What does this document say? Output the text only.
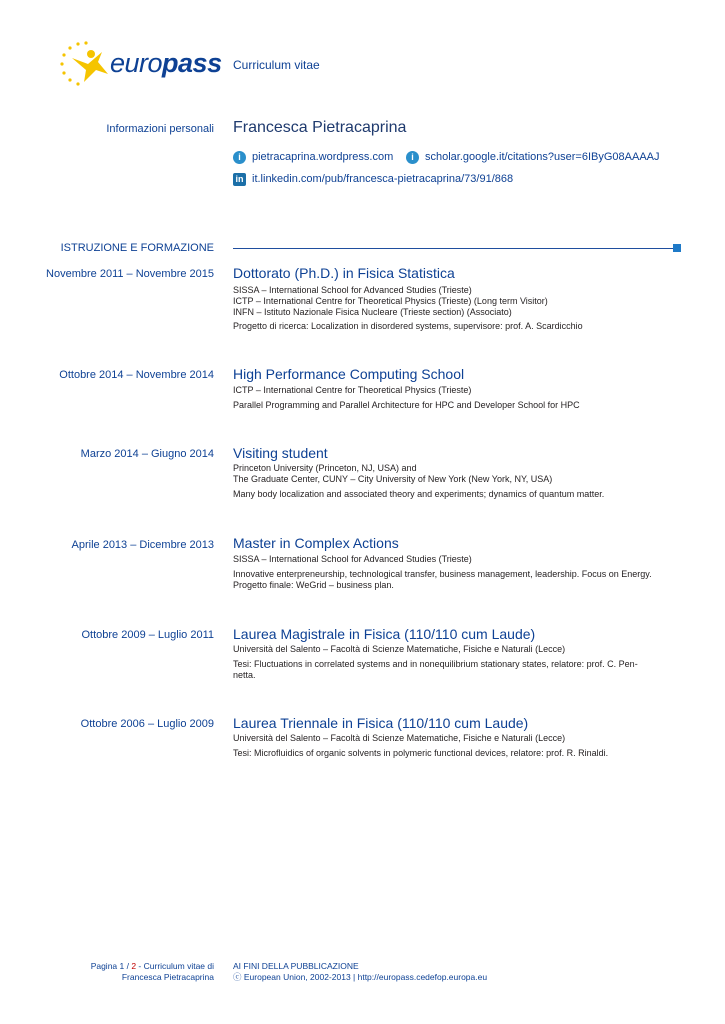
europass Curriculum vitae
Informazioni personali Francesca Pietracaprina
i	pietracaprina.wordpress.com	i	scholar.google.it/citations?user=6IByG08AAAAJ
in it.linkedin.com/pub/francesca-pietracaprina/73/91/868
ISTRUZIONE E FORMAZIONE
Novembre 2011 – Novembre 2015 Dottorato (Ph.D.) in Fisica Statistica
SISSA – International School for Advanced Studies (Trieste)
ICTP – International Centre for Theoretical Physics (Trieste) (Long term Visitor)
INFN – Istituto Nazionale Fisica Nucleare (Trieste section) (Associato)
Progetto di ricerca: Localization in disordered systems, supervisore: prof. A. Scardicchio
Ottobre 2014 – Novembre 2014 High Performance Computing School
ICTP – International Centre for Theoretical Physics (Trieste)
Parallel Programming and Parallel Architecture for HPC and Developer School for HPC
Marzo 2014 – Giugno 2014 Visiting student
Princeton University (Princeton, NJ, USA) and
The Graduate Center, CUNY – City University of New York (New York, NY, USA)
Many body localization and associated theory and experiments; dynamics of quantum matter.
Aprile 2013 – Dicembre 2013 Master in Complex Actions
SISSA – International School for Advanced Studies (Trieste)
Innovative enterpreneurship, technological transfer, business management, leadership. Focus on Energy.
Progetto finale: WeGrid – business plan.
Ottobre 2009 – Luglio 2011 Laurea Magistrale in Fisica (110/110 cum Laude)
Università del Salento – Facoltà di Scienze Matematiche, Fisiche e Naturali (Lecce)
Tesi: Fluctuations in correlated systems and in nonequilibrium stationary states, relatore: prof. C. Pen-
netta.
Ottobre 2006 – Luglio 2009 Laurea Triennale in Fisica (110/110 cum Laude)
Università del Salento – Facoltà di Scienze Matematiche, Fisiche e Naturali (Lecce)
Tesi: Microfluidics of organic solvents in polymeric functional devices, relatore: prof. R. Rinaldi.
Pagina 1 / 2 - Curriculum vitae di
Francesca Pietracaprina
AI FINI DELLA PUBBLICAZIONE
ⓒ European Union, 2002-2013 | http://europass.cedefop.europa.eu
